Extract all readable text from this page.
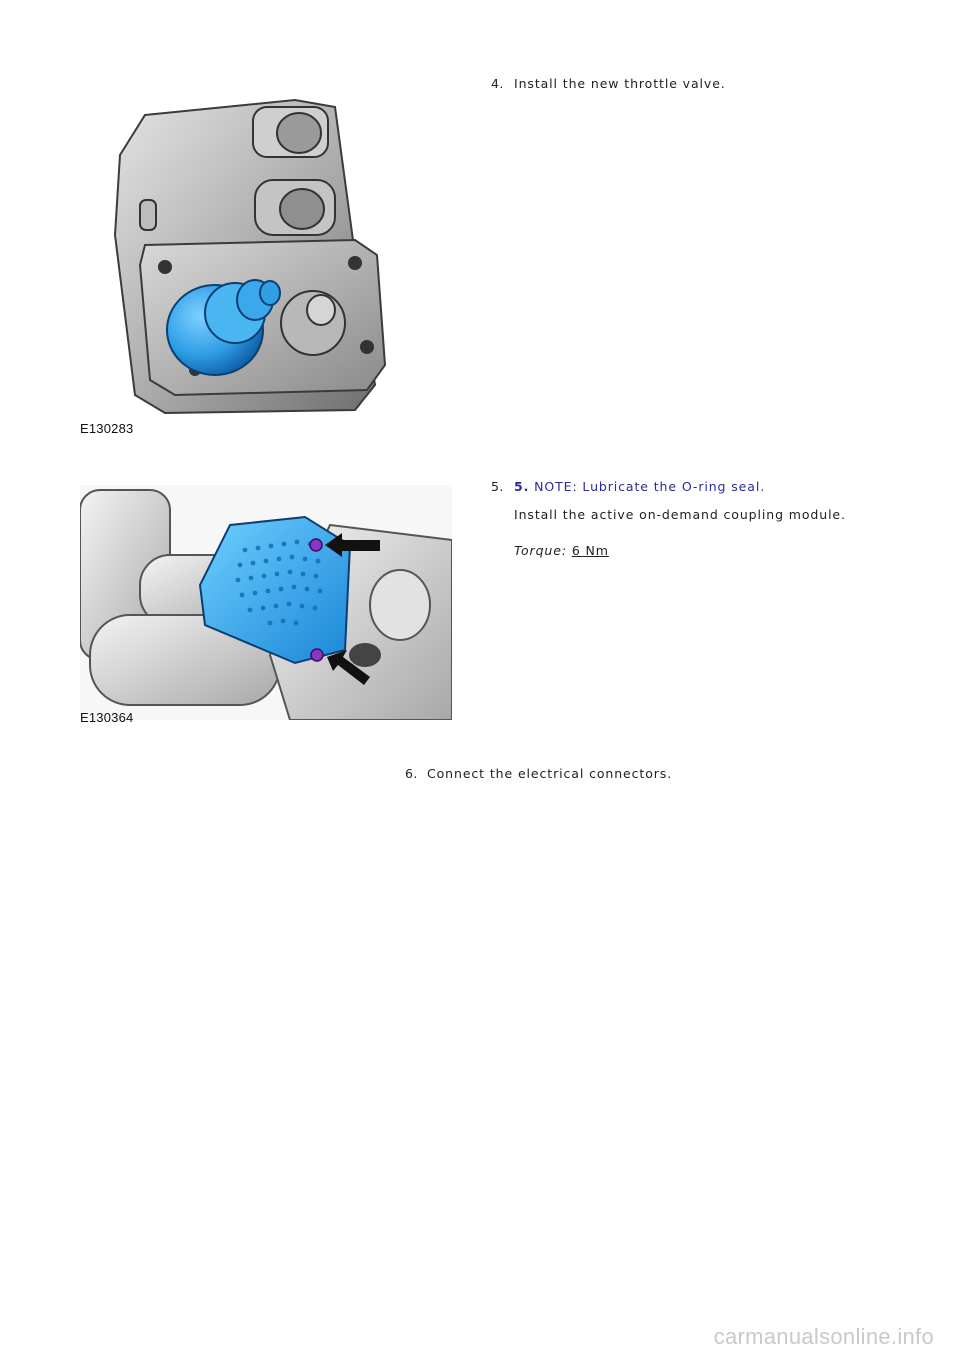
E130283
4. Install the new throttle valve.
E130364
5. 5. NOTE: Lubricate the O-ring seal.
Install the active on-demand coupling module.
Torque: 6 Nm
6. Connect the electrical connectors.
carmanualsonline.info
